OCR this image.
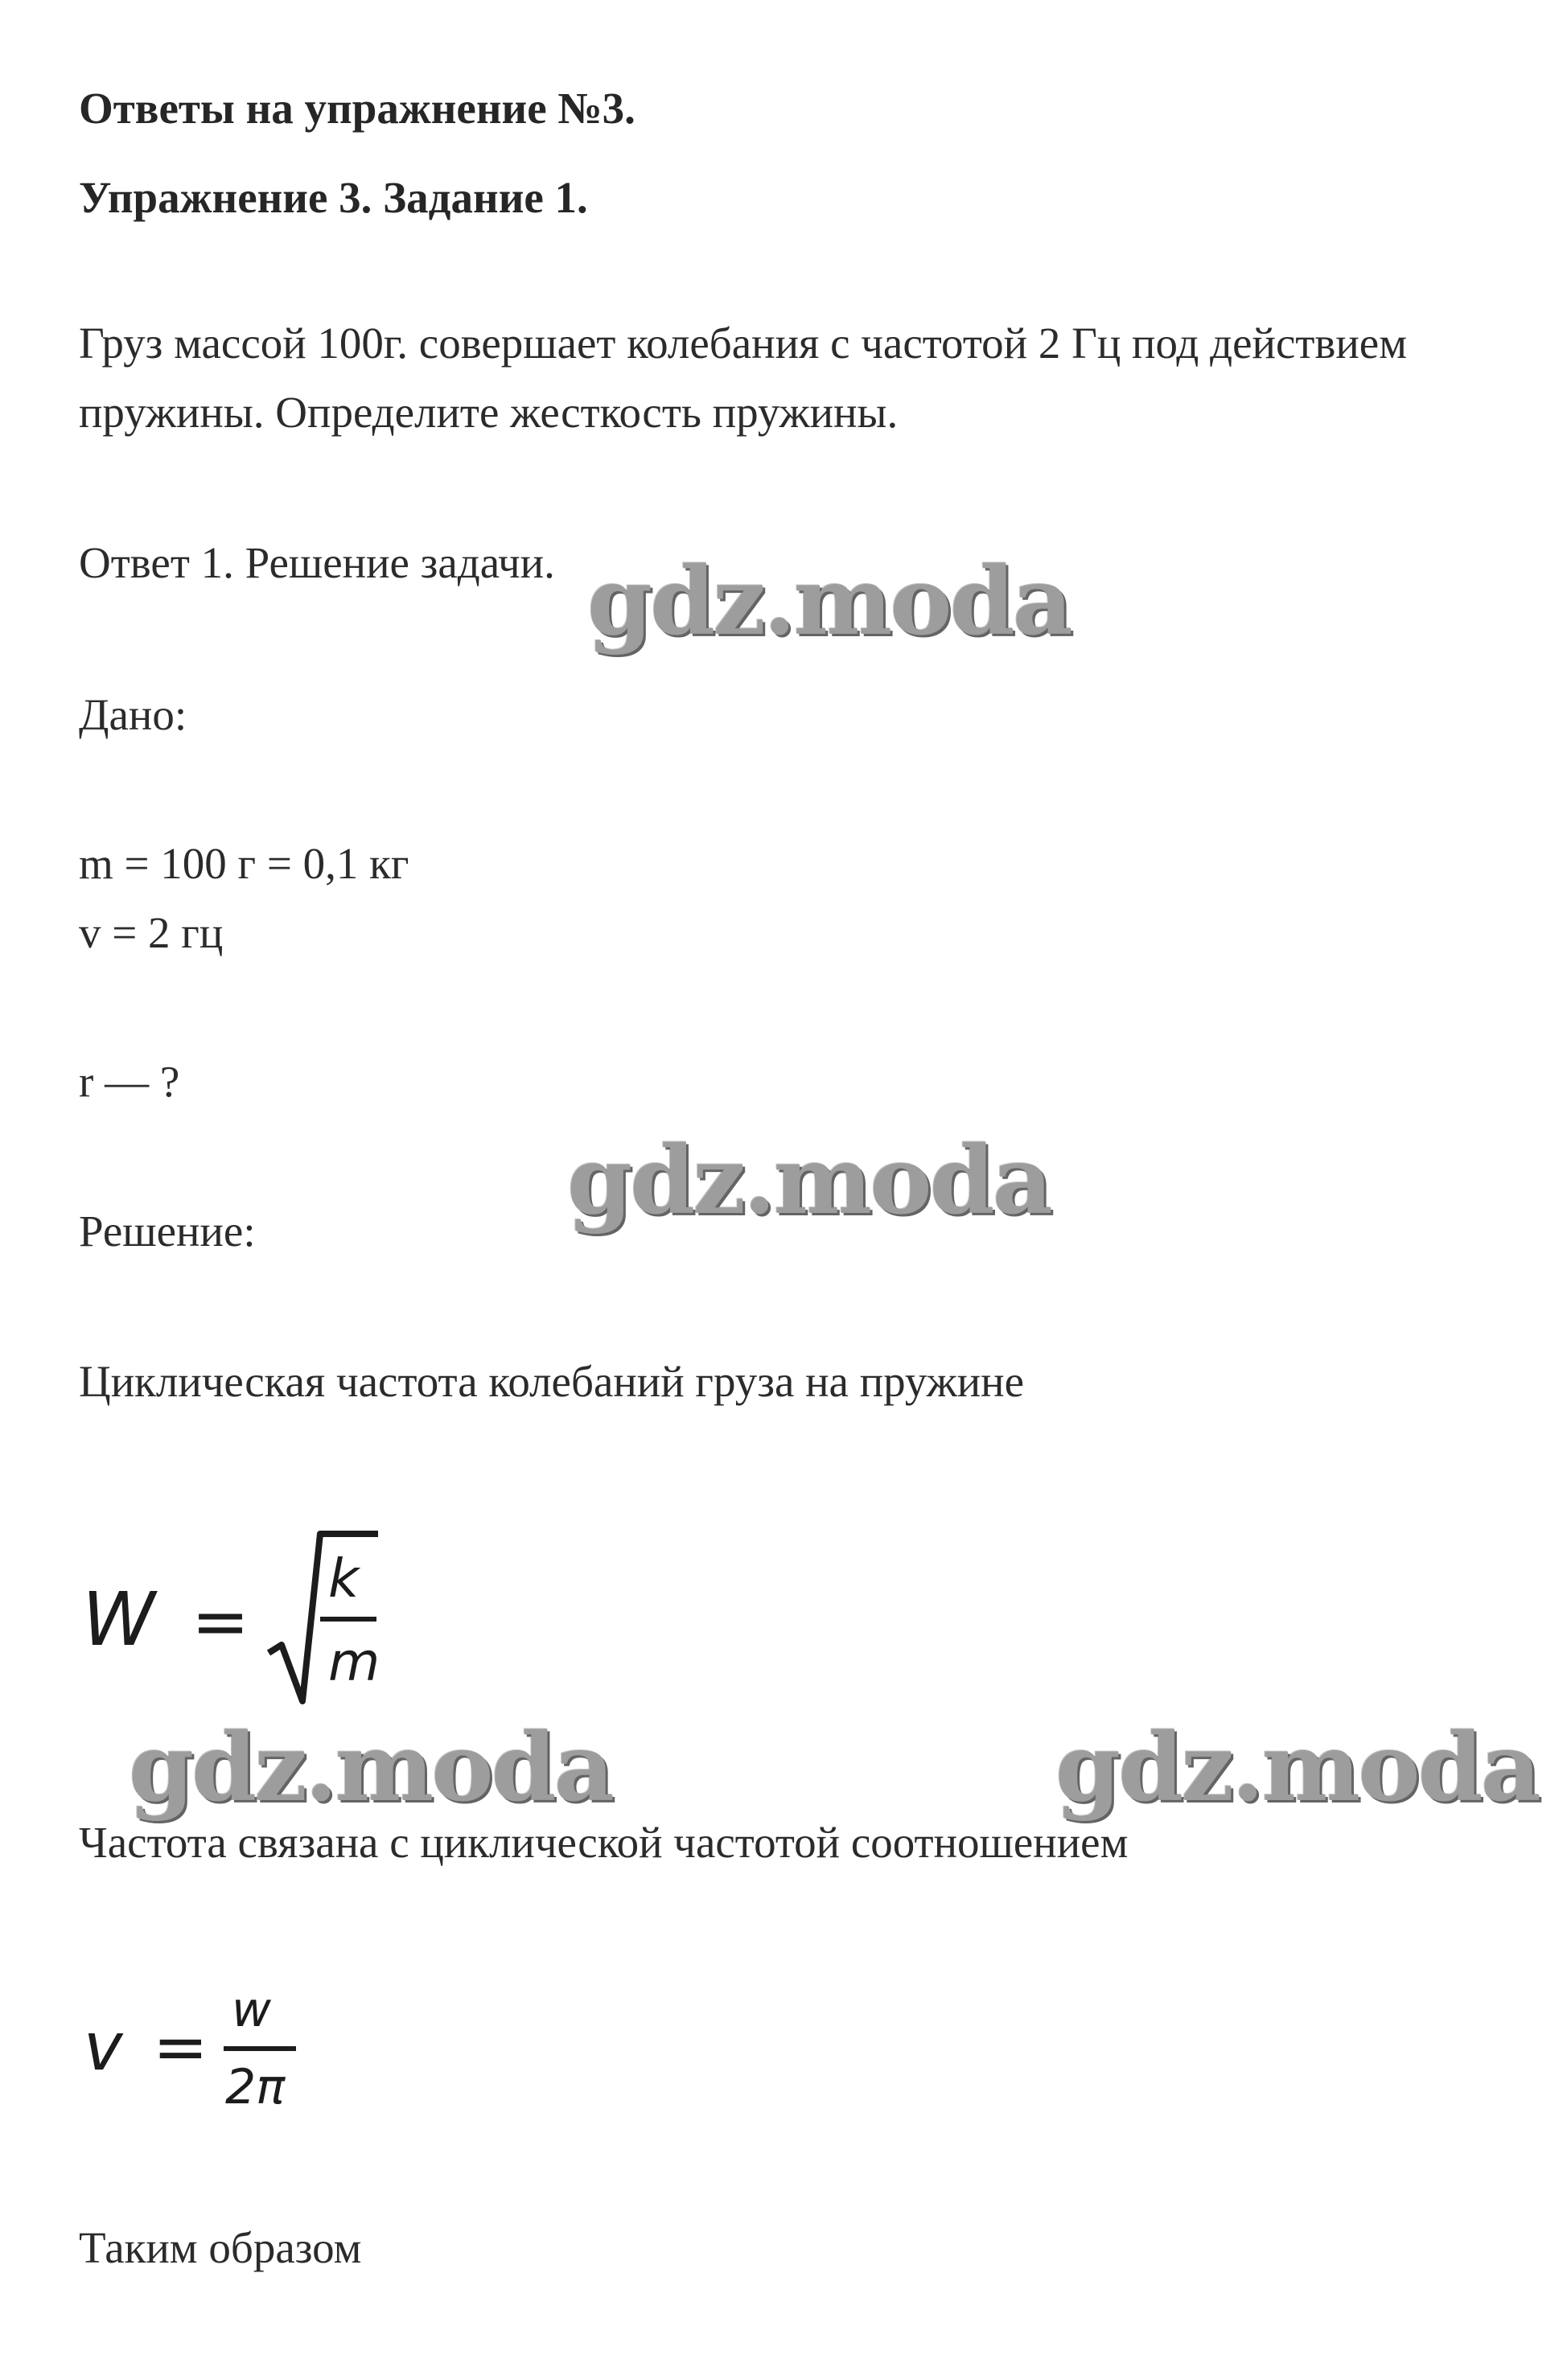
Ответы на упражнение №3.
Упражнение 3. Задание 1.
Груз массой 100г. совершает колебания с частотой 2 Гц под действием
пружины. Определите жесткость пружины.
Ответ 1. Решение задачи.
Дано:
m = 100 г = 0,1 кг
v = 2 гц
r — ?
Решение:
Циклическая частота колебаний груза на пружине
W =
k
m
Частота связана с циклической частотой соотношением
v = w
2π
Таким образом
gdz.moda
gdz.moda
gdz.moda	gdz.moda
